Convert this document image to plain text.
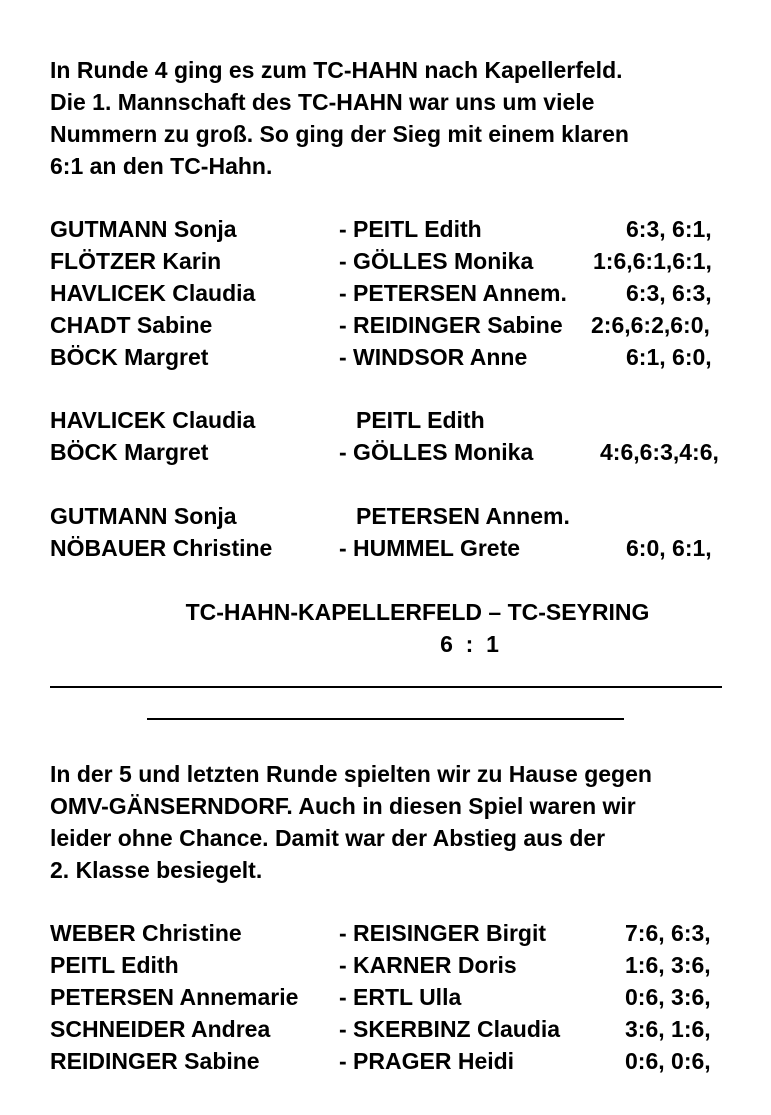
In Runde 4 ging es zum TC-HAHN nach Kapellerfeld.
Die 1. Mannschaft des TC-HAHN war uns um viele
Nummern zu groß. So ging der Sieg mit einem klaren
6:1 an den TC-Hahn.
GUTMANN Sonja	- PEITL Edith	6:3, 6:1,
FLÖTZER Karin	- GÖLLES Monika	1:6,6:1,6:1,
HAVLICEK Claudia	- PETERSEN Annem.	6:3, 6:3,
CHADT Sabine	- REIDINGER Sabine 2:6,6:2,6:0,
BÖCK Margret	- WINDSOR Anne	6:1, 6:0,
HAVLICEK Claudia	PEITL Edith
BÖCK Margret	- GÖLLES Monika	4:6,6:3,4:6,
GUTMANN Sonja	PETERSEN Annem.
NÖBAUER Christine	- HUMMEL Grete	6:0, 6:1,
TC-HAHN-KAPELLERFELD – TC-SEYRING
6  :  1
In der 5 und letzten Runde spielten wir zu Hause gegen
OMV-GÄNSERNDORF. Auch in diesen Spiel waren wir
leider ohne Chance. Damit war der Abstieg aus der
2. Klasse besiegelt.
WEBER Christine	- REISINGER Birgit	7:6, 6:3,
PEITL Edith	- KARNER Doris	1:6, 3:6,
PETERSEN Annemarie - ERTL Ulla	0:6, 3:6,
SCHNEIDER Andrea	- SKERBINZ Claudia	3:6, 1:6,
REIDINGER Sabine	- PRAGER Heidi	0:6, 0:6,
